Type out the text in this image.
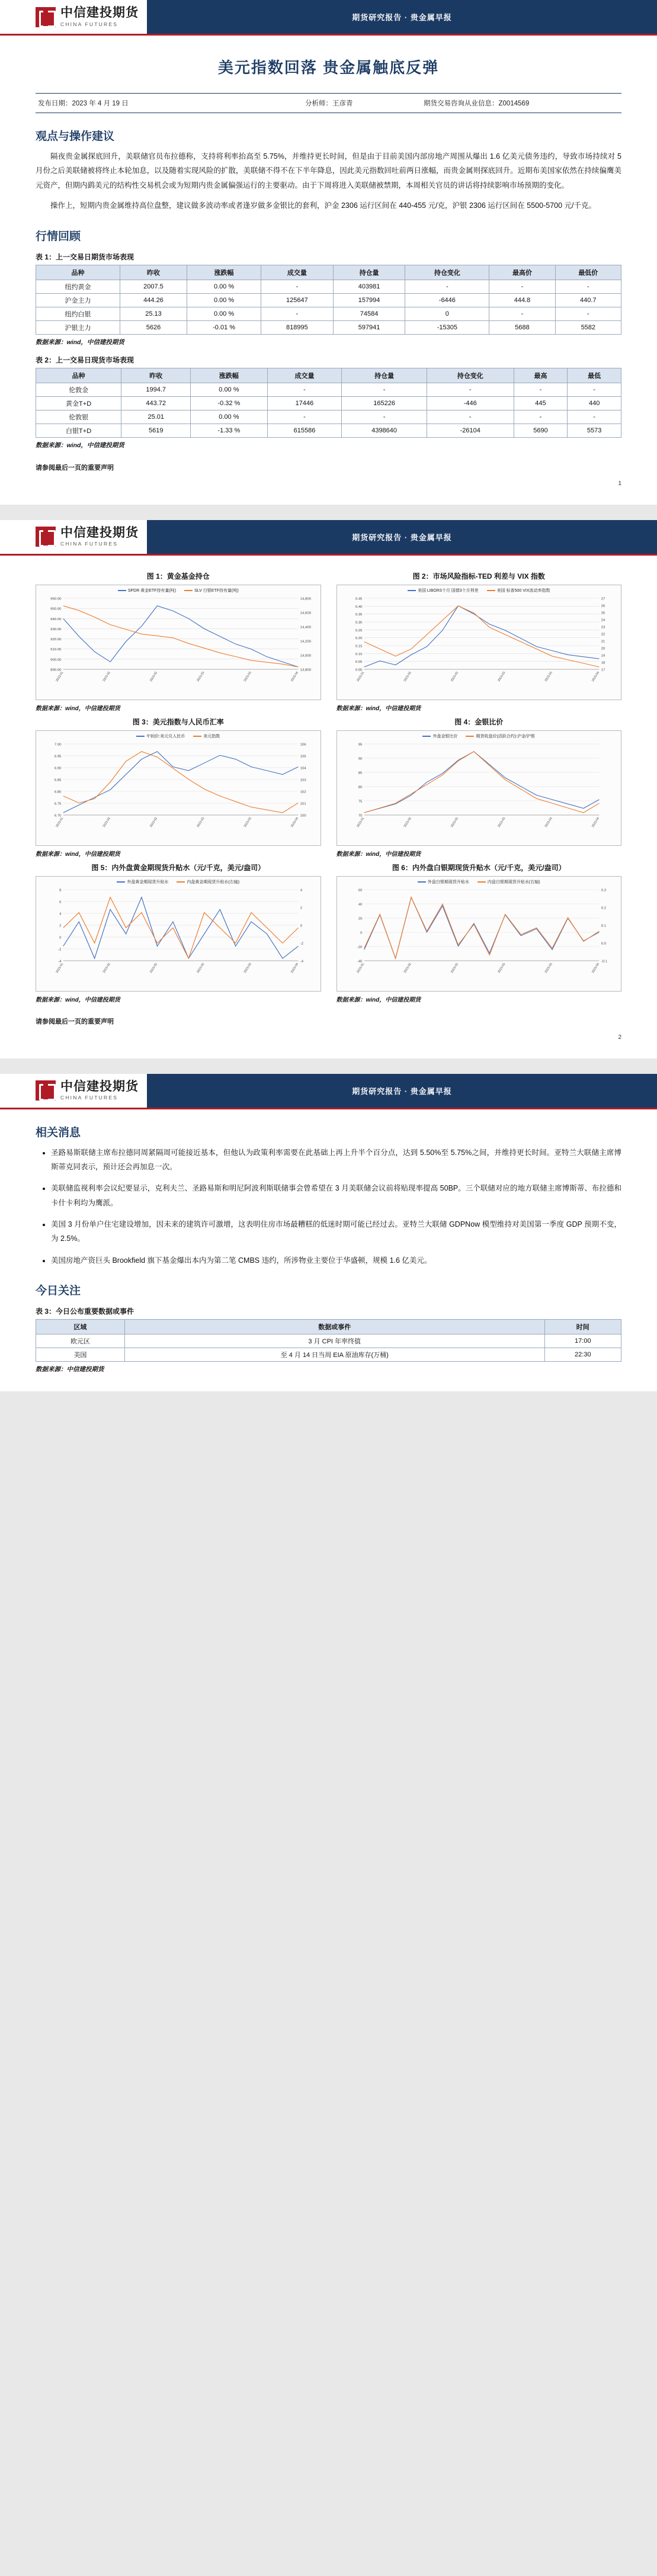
中信建投期货
CHINA FUTURES
期货研究报告 · 贵金属早报
美元指数回落 贵金属触底反弹
发布日期：2023 年 4 月 19 日	分析师：王彦青	期货交易咨询从业信息：Z0014569
观点与操作建议

隔夜贵金属探底回升，美联储官员布拉德称，支持将利率抬高至 5.75%，并维持更长时间，但是由于目前美国内部房地产周围从爆出 1.6 亿美元债务违约，导致市场持续对 5 月份之后美联储被将终止本轮加息，以及随着实现风险的扩散，美联储不得不在下半年降息，因此美元指数回吐前两日涨幅，而贵金属则探底回升。近期布美国家依然在持续偏鹰美元资产，但期内鹞美元的结构性交易机会或为短期内贵金属偏强运行的主要驱动。由于下周将进入美联储被禁期，本周相关官员的讲话将持续影响市场预期的变化。

操作上，短期内贵金属维持高位盘整，建议做多波动率或者逢岁做多金银比的套利，沪金 2306 运行区间在 440-455 元/克，沪银 2306 运行区间在 5500-5700 元/千克。

行情回顾
表 1：上一交易日期货市场表现
品种	昨收	涨跌幅	成交量	持仓量	持仓变化	最高价	最低价
纽约黄金	2007.5	0.00 %	-	403981	-	-	-
沪金主力	444.26	0.00 %	125647	157994	-6446	444.8	440.7
纽约白银	25.13	0.00 %	-	74584	0	-	-
沪银主力	5626	-0.01 %	818995	597941	-15305	5688	5582
数据来源：wind，中信建投期货
表 2：上一交易日现货市场表现
品种	昨收	涨跌幅	成交量	持仓量	持仓变化	最高	最低
伦敦金	1994.7	0.00 %	-	-	-	-	-
黄金T+D	443.72	-0.32 %	17446	165226	-446	445	440
伦敦银	25.01	0.00 %	-	-	-	-	-
白银T+D	5619	-1.33 %	615586	4398640	-26104	5690	5573
数据来源：wind，中信建投期货
请参阅最后一页的重要声明
1
中信建投期货
CHINA FUTURES
期货研究报告 · 贵金属早报
图 1：黄金基金持仓
SPDR 黄金ETF持有量(吨)	SLV 白银ETF持有量(吨)
960.00
950.00
940.00
930.00
920.00
910.00
900.00
890.00
14,800
14,600
14,400
14,200
14,000
13,800
2023-01	2023-02	2023-02	2023-03	2023-03	2023-04
数据来源：wind，中信建投期货
图 2：市场风险指标-TED 利差与 VIX 指数
美国 LIBOR3个月 国债3个月利差	美国 标普500 VIX波动率指数
0.45
0.40
0.35
0.30
0.25
0.20
0.15
0.10
0.05
0.00
27
26
25
24
23
22
21
20
19
18
17
2023-01	2023-02	2023-02	2023-03	2023-03	2023-04
数据来源：wind，中信建投期货
图 3：美元指数与人民币汇率
中间价:美元兑人民币	美元指数
7.00
6.95
6.90
6.85
6.80
6.75
6.70
106
105
104
103
102
101
100
2023-01	2023-02	2023-02	2023-03	2023-03	2023-04
数据来源：wind，中信建投期货
图 4：金银比价
外盘金银比价	期货收盘价(活跃合约):沪金/沪银
95
90
85
80
75
70
2023-01	2023-02	2023-02	2023-03	2023-03	2023-04
数据来源：wind，中信建投期货
图 5：内外盘黄金期现货升贴水（元/千克，美元/盎司）
外盘黄金期现货升贴水	内盘黄金期现货升贴水(右轴)
8
6
4
2
0
-2
-4
4
2
0
-2
-4
2023-01	2023-02	2023-02	2023-03	2023-03	2023-04
数据来源：wind，中信建投期货
图 6：内外盘白银期现货升贴水（元/千克，美元/盎司）
外盘白银期现货升贴水	内盘白银期现货升贴水(右轴)
60
40
20
0
-20
-40
0.3
0.2
0.1
0.0
-0.1
2023-01	2023-02	2023-02	2023-03	2023-03	2023-04
数据来源：wind，中信建投期货
请参阅最后一页的重要声明
2
中信建投期货
CHINA FUTURES
期货研究报告 · 贵金属早报
相关消息
• 圣路易斯联储主席布拉德同周紧隔周可能接近基本，但他认为政策利率需要在此基础上再上升半个百分点，达到 5.50%至 5.75%之间，并维持更长时间。亚特兰大联储主席博斯蒂克同表示，预计还会再加息一次。
• 美联储监视利率会议纪要显示，克利夫兰、圣路易斯和明尼阿波利斯联储事会曾希望在 3 月美联储会议前将贴现率提高 50BP。三个联储对应的地方联储主席博斯蒂、布拉德和卡什卡利均为鹰派。
• 美国 3 月份单户住宅建设增加，因未来的建筑许可激增，这表明住房市场最糟糕的低迷时期可能已经过去。亚特兰大联储 GDPNow 模型维持对美国第一季度 GDP 预期不变，为 2.5%。
• 美国房地产资巨头 Brookfield 旗下基金爆出本内为第二笔 CMBS 违约，所涉物业主要位于华盛顿，规模 1.6 亿美元。
今日关注
表 3：今日公布重要数据或事件
区域	数据或事件	时间
欧元区	3 月 CPI 年率终值	17:00
美国	至 4 月 14 日当周 EIA 原油库存(万桶)	22:30
数据来源：中信建投期货
